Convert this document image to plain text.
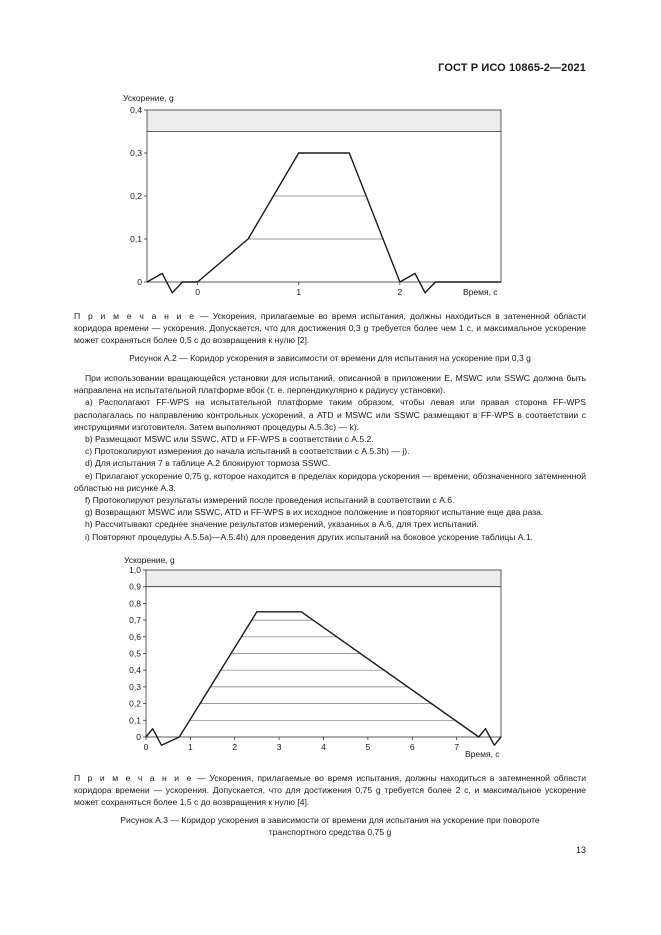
ГОСТ Р ИСО 10865-2—2021
Ускорение, g
0
0,1
0,2
0,3
0,4
0	1	2	Время, с
П р и м е ч а н и е — Ускорения, прилагаемые во время испытания, должны находиться в затененной области коридора времени — ускорения. Допускается, что для достижения 0,3 g требуется более чем 1 с, и максимальное ускорение может сохраняться более 0,5 с до возвращения к нулю [2].
Рисунок А.2 — Коридор ускорения в зависимости от времени для испытания на ускорение при 0,3 g

При использовании вращающейся установки для испытаний, описанной в приложении Е, MSWC или SSWC должна быть направлена на испытательной платформе вбок (т. е. перпендикулярно к радиусу установки).

a) Располагают FF-WPS на испытательной платформе таким образом, чтобы левая или правая сторона FF-WPS располагалась по направлению контрольных ускорений, а ATD и MSWC или SSWC размещают в FF-WPS в соответствии с инструкциями изготовителя. Затем выполняют процедуры А.5.3c) — k).

b) Размещают MSWC или SSWC, ATD и FF-WPS в соответствии с А.5.2.

c) Протоколируют измерения до начала испытаний в соответствии с А.5.3h) — j).

d) Для испытания 7 в таблице А.2 блокируют тормоза SSWC.

e) Прилагают ускорение 0,75 g, которое находится в пределах коридора ускорения — времени, обозначенного затемненной областью на рисунке А.3.

f) Протоколируют результаты измерений после проведения испытаний в соответствии с А.6.

g) Возвращают MSWC или SSWC, ATD и FF-WPS в их исходное положение и повторяют испытание еще два раза.

h) Рассчитывают среднее значение результатов измерений, указанных в А.6, для трех испытаний.

i) Повторяют процедуры А.5.5a)—А.5.4h) для проведения других испытаний на боковое ускорение таблицы А.1.

Ускорение, g
0
0,1
0,2
0,3
0,4
0,5
0,6
0,7
0,8
0,9
1,0
0	1	2	3	4	5	6	7
Время, с
П р и м е ч а н и е — Ускорения, прилагаемые во время испытания, должны находиться в затемненной области коридора времени — ускорения. Допускается, что для достижения 0,75 g требуется более 2 с, и максимальное ускорение может сохраняться более 1,5 с до возвращения к нулю [4].
Рисунок А.3 — Коридор ускорения в зависимости от времени для испытания на ускорение при повороте
транспортного средства 0,75 g
13
